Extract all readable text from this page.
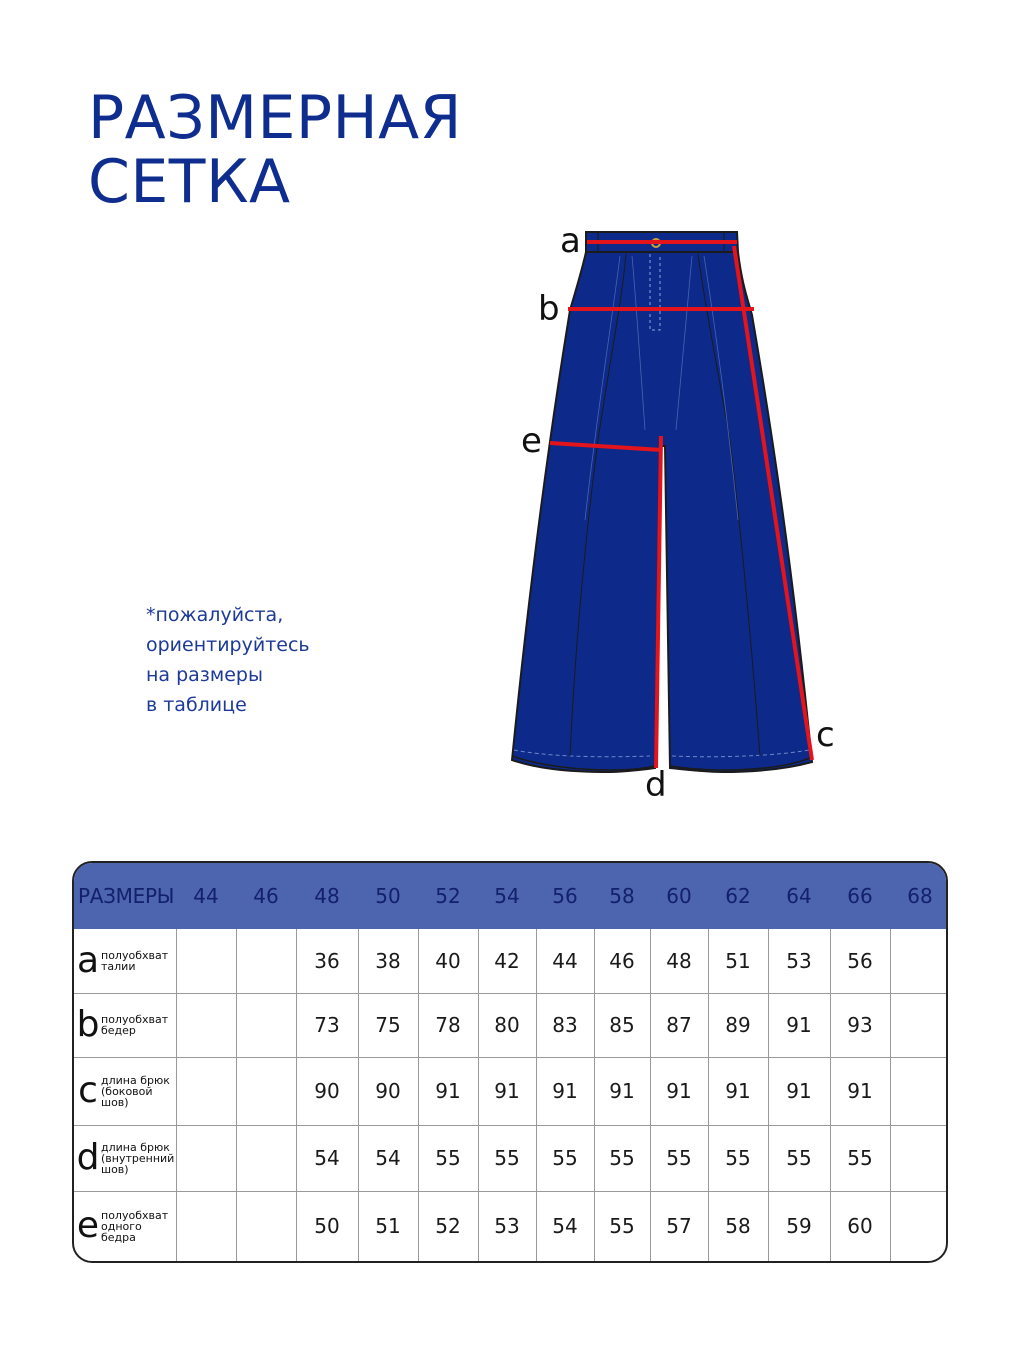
РАЗМЕРНАЯ
СЕТКА
*пожалуйста,
ориентируйтесь
на размеры
в таблице
a
b
c
d
e
РАЗМЕРЫ	44	46	48	50	52	54	56	58	60	62	64	66	68

a полуобхват
талии			36	38	40	42	44	46	48	51	53	56	

b полуобхват
бедер			73	75	78	80	83	85	87	89	91	93	

c длина брюк
(боковой
шов)			90	90	91	91	91	91	91	91	91	91	

d длина брюк
(внутренний
шов)			54	54	55	55	55	55	55	55	55	55	

e полуобхват
одного
бедра			50	51	52	53	54	55	57	58	59	60	
